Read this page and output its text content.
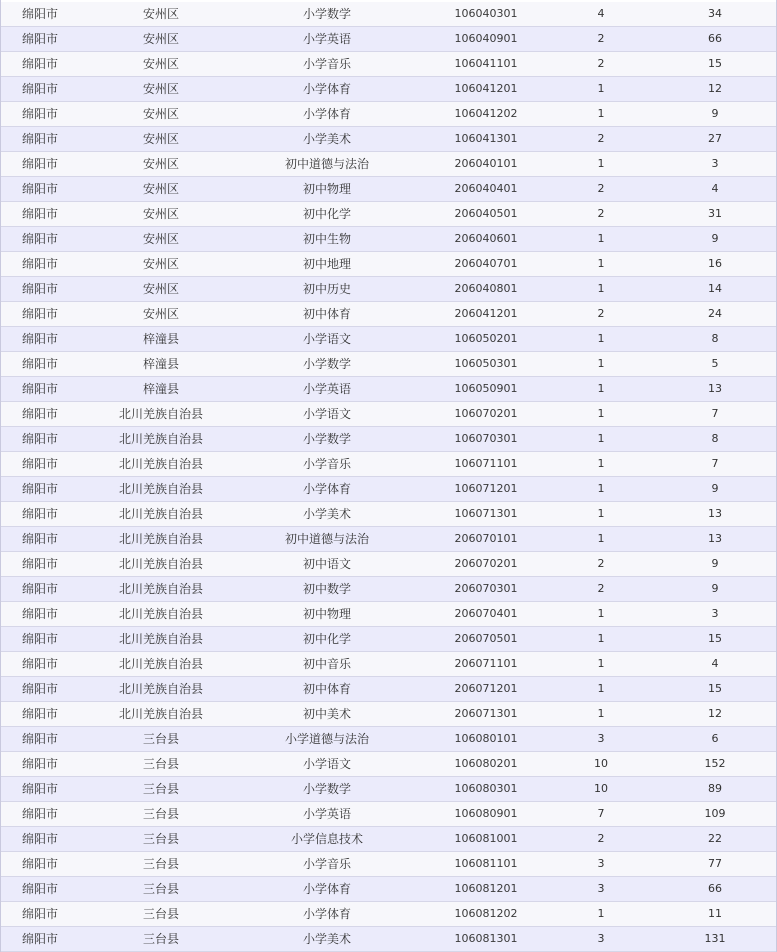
绵阳市	安州区	小学数学	106040301	4	34
绵阳市	安州区	小学英语	106040901	2	66
绵阳市	安州区	小学音乐	106041101	2	15
绵阳市	安州区	小学体育	106041201	1	12
绵阳市	安州区	小学体育	106041202	1	9
绵阳市	安州区	小学美术	106041301	2	27
绵阳市	安州区	初中道德与法治	206040101	1	3
绵阳市	安州区	初中物理	206040401	2	4
绵阳市	安州区	初中化学	206040501	2	31
绵阳市	安州区	初中生物	206040601	1	9
绵阳市	安州区	初中地理	206040701	1	16
绵阳市	安州区	初中历史	206040801	1	14
绵阳市	安州区	初中体育	206041201	2	24
绵阳市	梓潼县	小学语文	106050201	1	8
绵阳市	梓潼县	小学数学	106050301	1	5
绵阳市	梓潼县	小学英语	106050901	1	13
绵阳市	北川羌族自治县	小学语文	106070201	1	7
绵阳市	北川羌族自治县	小学数学	106070301	1	8
绵阳市	北川羌族自治县	小学音乐	106071101	1	7
绵阳市	北川羌族自治县	小学体育	106071201	1	9
绵阳市	北川羌族自治县	小学美术	106071301	1	13
绵阳市	北川羌族自治县	初中道德与法治	206070101	1	13
绵阳市	北川羌族自治县	初中语文	206070201	2	9
绵阳市	北川羌族自治县	初中数学	206070301	2	9
绵阳市	北川羌族自治县	初中物理	206070401	1	3
绵阳市	北川羌族自治县	初中化学	206070501	1	15
绵阳市	北川羌族自治县	初中音乐	206071101	1	4
绵阳市	北川羌族自治县	初中体育	206071201	1	15
绵阳市	北川羌族自治县	初中美术	206071301	1	12
绵阳市	三台县	小学道德与法治	106080101	3	6
绵阳市	三台县	小学语文	106080201	10	152
绵阳市	三台县	小学数学	106080301	10	89
绵阳市	三台县	小学英语	106080901	7	109
绵阳市	三台县	小学信息技术	106081001	2	22
绵阳市	三台县	小学音乐	106081101	3	77
绵阳市	三台县	小学体育	106081201	3	66
绵阳市	三台县	小学体育	106081202	1	11
绵阳市	三台县	小学美术	106081301	3	131
